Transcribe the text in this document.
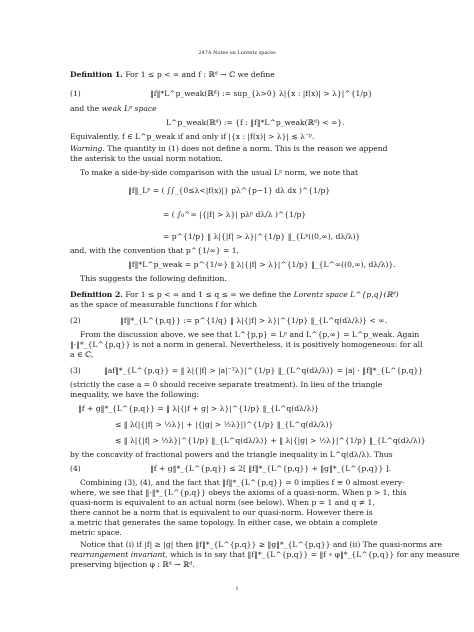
247A Notes on Lorentz spaces
Definition 1. For 1 ≤ p < ∞ and f : ℝᵈ → ℂ we define
(1)	‖f‖*L^p_weak(ℝᵈ) := sup_{λ>0} λ|{x : |f(x)| > λ}|^{1/p}
and the weak Lᵖ space
L^p_weak(ℝᵈ) := {f : ‖f‖*L^p_weak(ℝᵈ) < ∞}.
Equivalently, f ∈ L^p_weak if and only if |{x : |f(x)| > λ}| ≲ λ⁻ᵖ.
Warning. The quantity in (1) does not define a norm. This is the reason we append
the asterisk to the usual norm notation.
To make a side-by-side comparison with the usual Lᵖ norm, we note that
‖f‖_Lᵖ = ( ∫∫_{0≤λ<|f(x)|} pλ^{p−1} dλ dx )^{1/p}
= ( ∫₀^∞ |{|f| > λ}| pλᵖ dλ/λ )^{1/p}
= p^{1/p} ‖ λ|{|f| > λ}|^{1/p} ‖_{Lᵖ((0,∞), dλ/λ)}
and, with the convention that p^{1/∞} = 1,
‖f‖*L^p_weak = p^{1/∞} ‖ λ|{|f| > λ}|^{1/p} ‖_{L^∞((0,∞), dλ/λ)}.
This suggests the following definition.
Definition 2. For 1 ≤ p < ∞ and 1 ≤ q ≤ ∞ we define the Lorentz space L^{p,q}(ℝᵈ)
as the space of measurable functions f for which
(2)	‖f‖*_{L^{p,q}} := p^{1/q} ‖ λ|{|f| > λ}|^{1/p} ‖_{L^q(dλ/λ)} < ∞.
From the discussion above, we see that L^{p,p} = Lᵖ and L^{p,∞} = L^p_weak. Again
‖·‖*_{L^{p,q}} is not a norm in general. Nevertheless, it is positively homogeneous: for all
a ∈ ℂ,
(3)	‖af‖*_{L^{p,q}} = ‖ λ|{|f| > |a|⁻¹λ}|^{1/p} ‖_{L^q(dλ/λ)} = |a| · ‖f‖*_{L^{p,q}}
(strictly the case a = 0 should receive separate treatment). In lieu of the triangle
inequality, we have the following:
‖f + g‖*_{L^{p,q}} = ‖ λ|{|f + g| > λ}|^{1/p} ‖_{L^q(dλ/λ)}
≤ ‖ λ(|{|f| > ½λ}| + |{|g| > ½λ}|)^{1/p} ‖_{L^q(dλ/λ)}
≲ ‖ λ|{|f| > ½λ}|^{1/p} ‖_{L^q(dλ/λ)} + ‖ λ|{|g| > ½λ}|^{1/p} ‖_{L^q(dλ/λ)}
by the concavity of fractional powers and the triangle inequality in L^q(dλ/λ). Thus
(4)	‖f + g‖*_{L^{p,q}} ≤ 2[ ‖f‖*_{L^{p,q}} + ‖g‖*_{L^{p,q}} ].
Combining (3), (4), and the fact that ‖f‖*_{L^{p,q}} = 0 implies f ≡ 0 almost every-
where, we see that ‖·‖*_{L^{p,q}} obeys the axioms of a quasi-norm. When p > 1, this
quasi-norm is equivalent to an actual norm (see below). When p = 1 and q ≠ 1,
there cannot be a norm that is equivalent to our quasi-norm. However there is
a metric that generates the same topology. In either case, we obtain a complete
metric space.
Notice that (i) if |f| ≥ |g| then ‖f‖*_{L^{p,q}} ≥ ‖g‖*_{L^{p,q}} and (ii) The quasi-norms are
rearrangement invariant, which is to say that ‖f‖*_{L^{p,q}} = ‖f ∘ φ‖*_{L^{p,q}} for any measure
preserving bijection φ : ℝᵈ → ℝᵈ.
1
